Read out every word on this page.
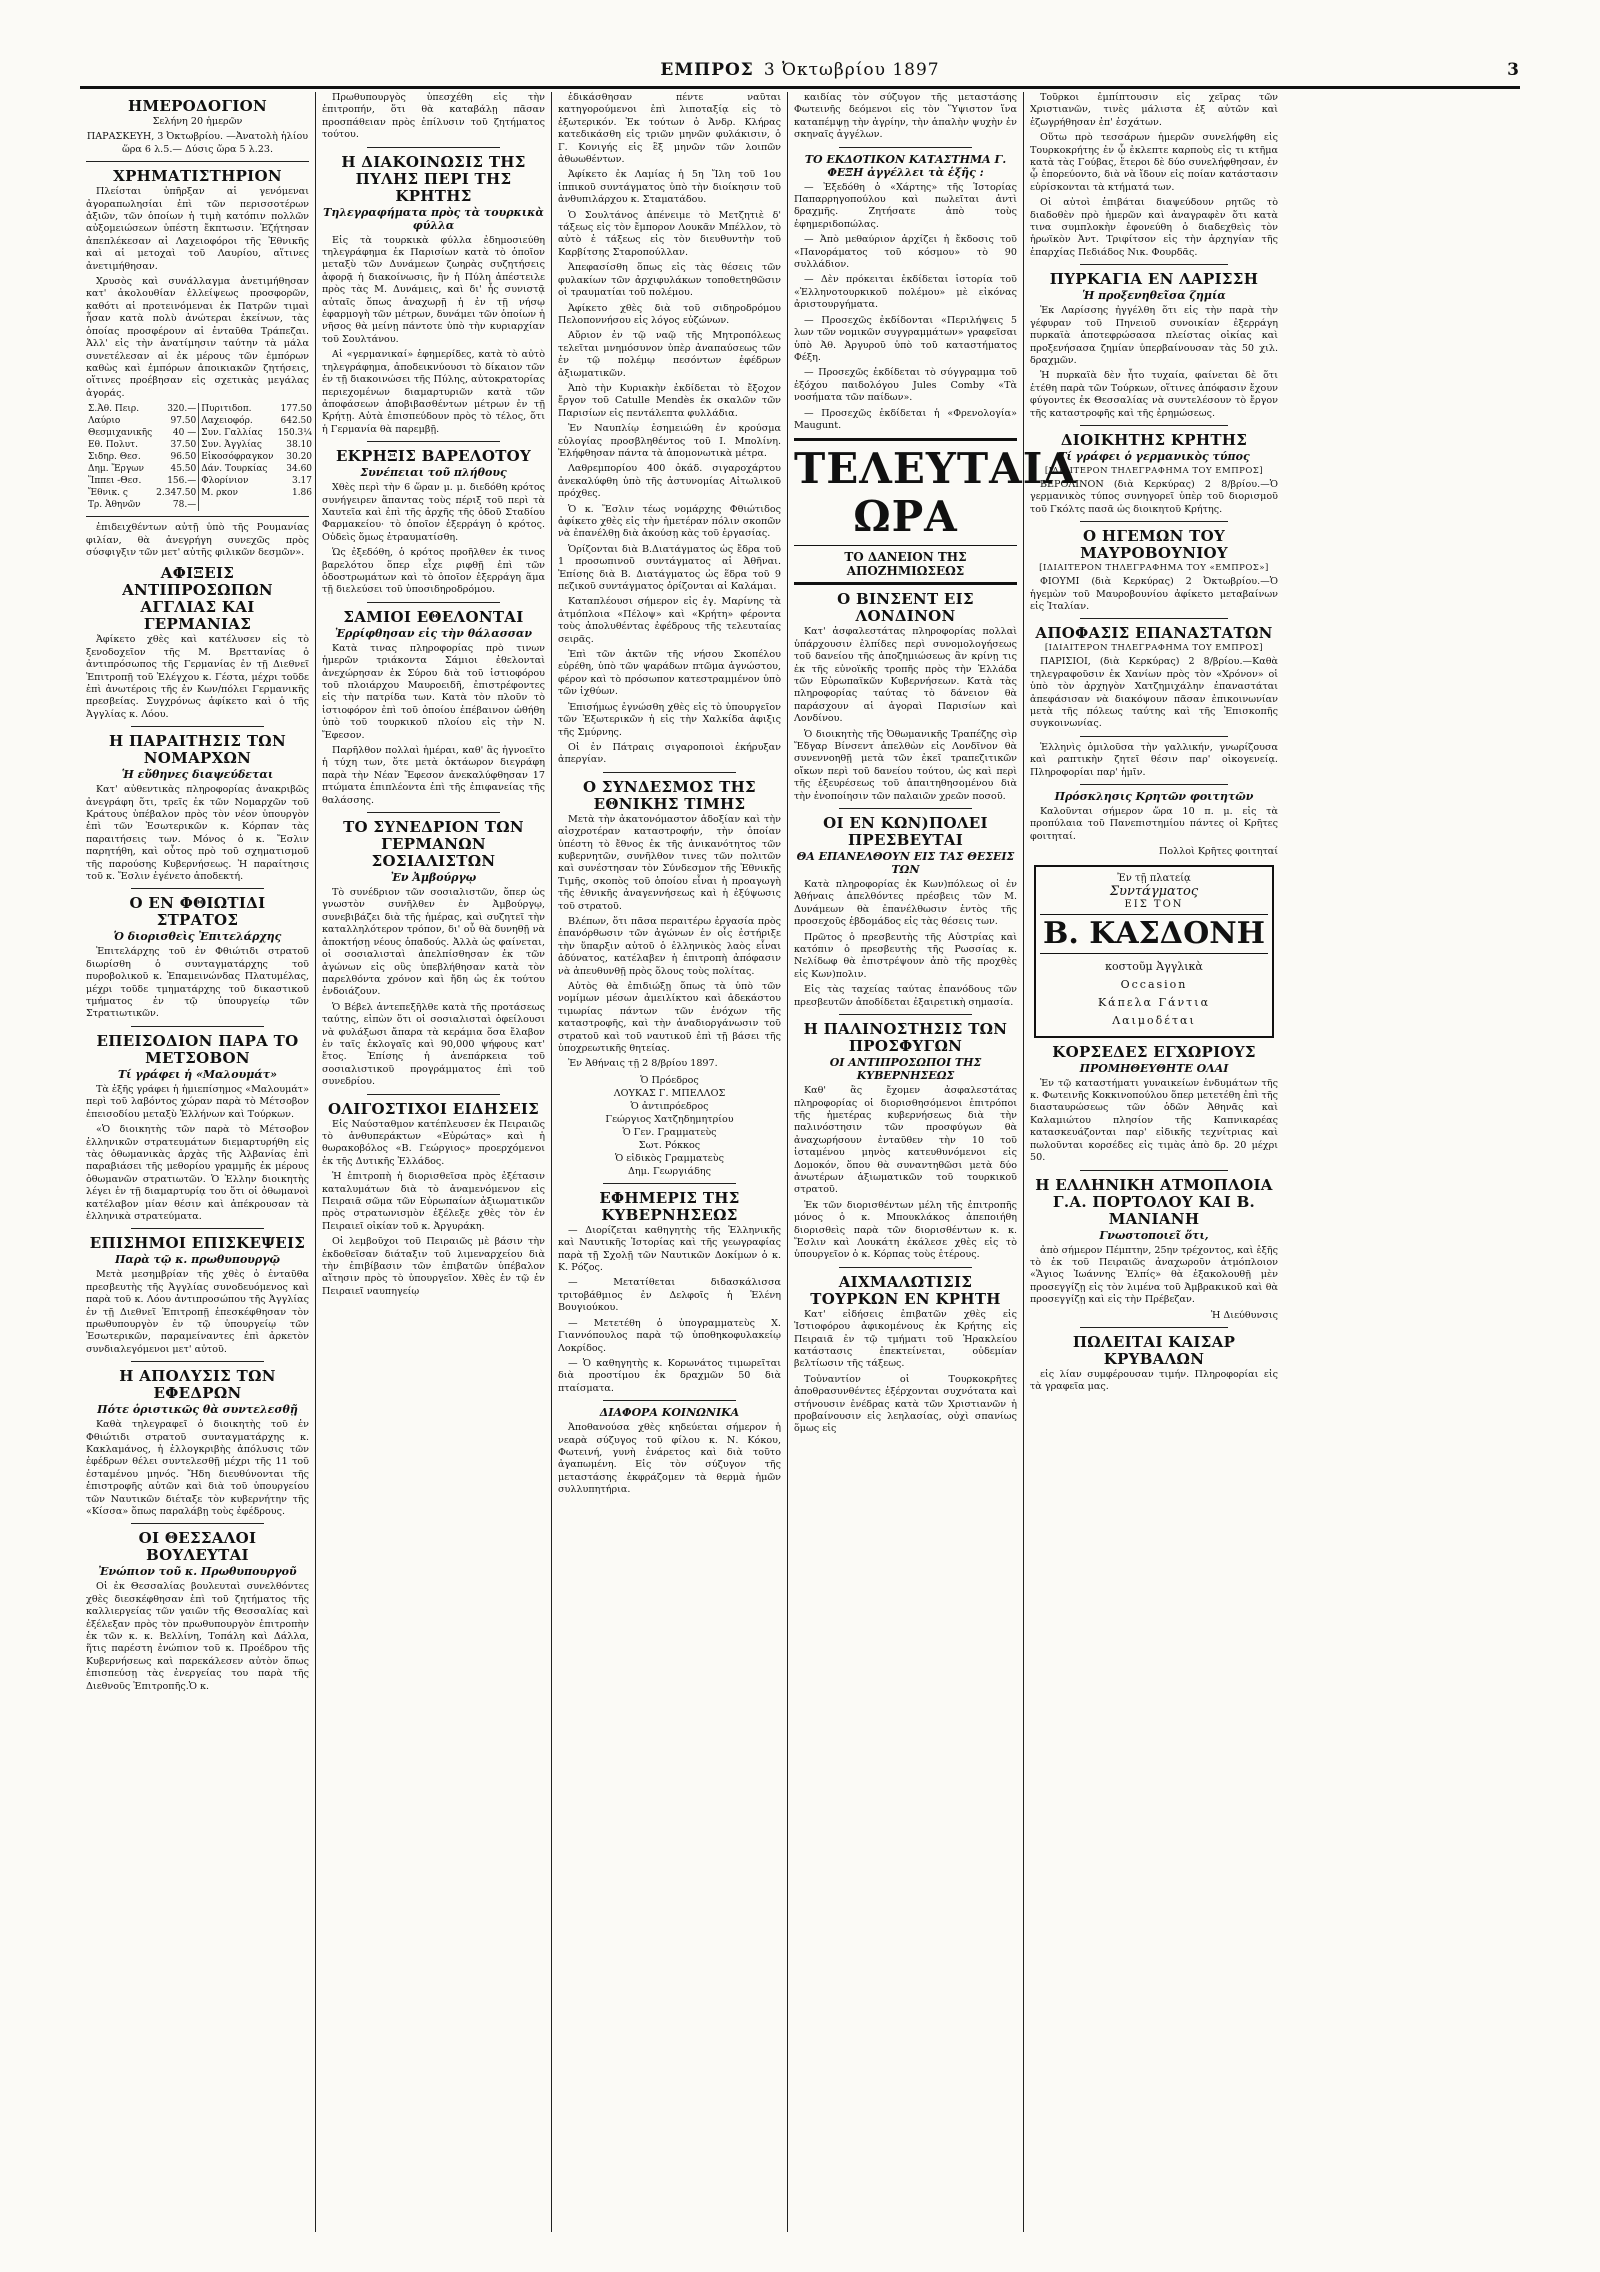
ΕΜΠΡΟΣ 3 Ὀκτωβρίου 1897	3
ΗΜΕΡΟΔΟΓΙΟΝ

Σελήνη 20 ἡμερῶν

ΠΑΡΑΣΚΕΥΗ, 3 Ὀκτωβρίου. —Ἀνατολὴ ἡλίου ὥρα 6 λ.5.— Δύσις ὥρα 5 λ.23.

ΧΡΗΜΑΤΙΣΤΗΡΙΟΝ

Πλείσται ὑπῆρξαν αἱ γενόμεναι ἀγοραπωλησίαι ἐπὶ τῶν περισσοτέρων ἀξιῶν, τῶν ὁποίων ἡ τιμὴ κατόπιν πολλῶν αὐξομειώσεων ὑπέστη ἔκπτωσιν. Ἐζήτησαν ἀπεπλέκεσαν αἱ Λαχειοφόροι τῆς Ἐθνικῆς καὶ αἱ μετοχαὶ τοῦ Λαυρίου, αἵτινες ἀνετιμήθησαν.

Χρυσὸς καὶ συνάλλαγμα ἀνετιμήθησαν κατ' ἀκολουθίαν ἐλλείψεως προσφορῶν, καθότι αἱ προτεινόμεναι ἐκ Πατρῶν τιμαὶ ἦσαν κατὰ πολὺ ἀνώτεραι ἐκείνων, τὰς ὁποίας προσφέρουν αἱ ἐνταῦθα Τράπεζαι. Ἀλλ' εἰς τὴν ἀνατίμησιν ταύτην τὰ μάλα συνετέλεσαν αἱ ἐκ μέρους τῶν ἐμπόρων καθὼς καὶ ἐμπόρων ἀποικιακῶν ζητήσεις, οἵτινες προέβησαν εἰς σχετικὰς μεγάλας ἀγοράς.

Σ.Ἀθ. Πειρ.	320.—	Πυριτιδοπ.	177.50
Λαύριο	97.50	Λαχειοφόρ.	642.50
Θεσμιχανικῆς	40 —	Συν. Γαλλίας	150.3¼
Εθ. Πολυτ.	37.50	Συν. Ἀγγλίας	38.10
Σιδηρ. Θεσ.	96.50	Εἰκοσόφραγκον	30.20
Δημ. Ἔργων	45.50	Δάν. Τουρκίας	34.60
Ἵππει -Θεσ.	156.—	Φλορίνιον	3.17
Ἔθνικ. ς	2.347.50	Μ. ρκον	1.86
Τρ. Ἀθηνῶν	78.—		

ἐπιδειχθέντων αὐτῇ ὑπὸ τῆς Ρουμανίας φιλίαν, θὰ ἀνεγρήγη συνεχῶς πρὸς σύσφιγξιν τῶν μετ' αὐτῆς φιλικῶν δεσμῶν».

ΑΦΙΞΕΙΣ ΑΝΤΙΠΡΟΣΩΠΩΝ ΑΓΓΛΙΑΣ ΚΑΙ ΓΕΡΜΑΝΙΑΣ

Ἀφίκετο χθὲς καὶ κατέλυσεν εἰς τὸ ξενοδοχεῖον τῆς Μ. Βρεττανίας ὁ ἀντιπρόσωπος τῆς Γερμανίας ἐν τῇ Διεθνεῖ Ἐπιτροπῇ τοῦ Ἐλέγχου κ. Γέστα, μέχρι τοῦδε ἐπὶ ἀνωτέροις τῆς ἐν Κων/πόλει Γερμανικῆς πρεσβείας. Συγχρόνως ἀφίκετο καὶ ὁ τῆς Ἀγγλίας κ. Λόου.

Η ΠΑΡΑΙΤΗΣΙΣ ΤΩΝ ΝΟΜΑΡΧΩΝ
Ἡ εὔθηνες διαψεύδεται

Κατ' αὐθεντικὰς πληροφορίας ἀνακριβῶς ἀνεγράφη ὅτι, τρεῖς ἐκ τῶν Νομαρχῶν τοῦ Κράτους ὑπέβαλον πρὸς τὸν νέον ὑπουργὸν ἐπὶ τῶν Ἐσωτερικῶν κ. Κόρπαν τὰς παραιτήσεις των. Μόνος ὁ κ. Ἔσλιν παρητήθη, καὶ οὗτος πρὸ τοῦ σχηματισμοῦ τῆς παρούσης Κυβερνήσεως. Ἡ παραίτησις τοῦ κ. Ἔσλιν ἐγένετο ἀποδεκτή.

Ο ΕΝ ΦΘΙΩΤΙΔΙ ΣΤΡΑΤΟΣ
Ὁ διορισθεὶς Ἐπιτελάρχης

Ἐπιτελάρχης τοῦ ἐν Φθιώτιδι στρατοῦ διωρίσθη ὁ συνταγματάρχης τοῦ πυροβολικοῦ κ. Ἐπαμεινώνδας Πλατυμέλας, μέχρι τοῦδε τμηματάρχης τοῦ δικαστικοῦ τμήματος ἐν τῷ ὑπουργείῳ τῶν Στρατιωτικῶν.

ΕΠΕΙΣΟΔΙΟΝ ΠΑΡΑ ΤΟ ΜΕΤΣΟΒΟΝ
Τί γράφει ἡ «Μαλουμάτ»

Τὰ ἐξῆς γράφει ἡ ἡμιεπίσημος «Μαλουμάτ» περὶ τοῦ λαβόντος χώραν παρὰ τὸ Μέτσοβον ἐπεισοδίου μεταξὺ Ἑλλήνων καὶ Τούρκων.

«Ὁ διοικητὴς τῶν παρὰ τὸ Μέτσοβον ἑλληνικῶν στρατευμάτων διεμαρτυρήθη εἰς τὰς ὀθωμανικὰς ἀρχὰς τῆς Ἀλβανίας ἐπὶ παραβιάσει τῆς μεθορίου γραμμῆς ἐκ μέρους ὀθωμανῶν στρατιωτῶν. Ὁ Ἑλλην διοικητὴς λέγει ἐν τῇ διαμαρτυρίᾳ του ὅτι οἱ ὀθωμανοὶ κατέλαβον μίαν θέσιν καὶ ἀπέκρουσαν τὰ ἑλληνικὰ στρατεύματα.

ΕΠΙΣΗΜΟΙ ΕΠΙΣΚΕΨΕΙΣ
Παρὰ τῷ κ. πρωθυπουργῷ

Μετὰ μεσημβρίαν τῆς χθὲς ὁ ἐνταῦθα πρεσβευτὴς τῆς Ἀγγλίας συνοδευόμενος καὶ παρὰ τοῦ κ. Λόου ἀντιπροσώπου τῆς Ἀγγλίας ἐν τῇ Διεθνεῖ Ἐπιτροπῇ ἐπεσκέφθησαν τὸν πρωθυπουργὸν ἐν τῷ ὑπουργείῳ τῶν Ἐσωτερικῶν, παραμείναντες ἐπὶ ἀρκετὸν συνδιαλεγόμενοι μετ' αὐτοῦ.

Η ΑΠΟΛΥΣΙΣ ΤΩΝ ΕΦΕΔΡΩΝ
Πότε ὁριστικῶς θὰ συντελεσθῇ

Καθὰ τηλεγραφεῖ ὁ διοικητὴς τοῦ ἐν Φθιώτιδι στρατοῦ συνταγματάρχης κ. Κακλαμάνος, ἡ ἐλλογκριβὴς ἀπόλυσις τῶν ἐφέδρων θέλει συντελεσθῇ μέχρι τῆς 11 τοῦ ἐσταμένου μηνός. Ἤδη διευθύνονται τῆς ἐπιστροφῆς αὐτῶν καὶ διὰ τοῦ ὑπουργείου τῶν Ναυτικῶν διέταξε τὸν κυβερνήτην τῆς «Κίσσα» ὅπως παραλάβῃ τοὺς ἐφέδρους.

ΟΙ ΘΕΣΣΑΛΟΙ ΒΟΥΛΕΥΤΑΙ
Ἐνώπιον τοῦ κ. Πρωθυπουργοῦ

Οἱ ἐκ Θεσσαλίας βουλευταὶ συνελθόντες χθὲς διεσκέφθησαν ἐπὶ τοῦ ζητήματος τῆς καλλιεργείας τῶν γαιῶν τῆς Θεσσαλίας καὶ ἐξέλεξαν πρὸς τὸν πρωθυπουργὸν ἐπιτροπὴν ἐκ τῶν κ. κ. Βελλίνη, Τοπάλη καὶ Δάλλα, ἥτις παρέστη ἐνώπιον τοῦ κ. Προέδρου τῆς Κυβερνήσεως καὶ παρεκάλεσεν αὐτὸν ὅπως ἐπισπεύσῃ τὰς ἐνεργείας του παρὰ τῆς Διεθνοῦς Ἐπιτροπῆς.Ὁ κ.

Πρωθυπουργὸς ὑπεσχέθη εἰς τὴν ἐπιτροπήν, ὅτι θὰ καταβάλῃ πᾶσαν προσπάθειαν πρὸς ἐπίλυσιν τοῦ ζητήματος τούτου.

Η ΔΙΑΚΟΙΝΩΣΙΣ ΤΗΣ ΠΥΛΗΣ ΠΕΡΙ ΤΗΣ ΚΡΗΤΗΣ
Τηλεγραφήματα πρὸς τὰ τουρκικὰ φύλλα

Εἰς τὰ τουρκικὰ φύλλα ἐδημοσιεύθη τηλεγράφημα ἐκ Παρισίων κατὰ τὸ ὁποῖον μεταξὺ τῶν Δυνάμεων ζωηρὰς συζητήσεις ἀφορᾷ ἡ διακοίνωσις, ἣν ἡ Πύλη ἀπέστειλε πρὸς τὰς Μ. Δυνάμεις, καὶ δι' ἧς συνιστᾷ αὐταῖς ὅπως ἀναχωρῇ ἡ ἐν τῇ νήσῳ ἐφαρμογὴ τῶν μέτρων, δυνάμει τῶν ὁποίων ἡ νῆσος θὰ μείνῃ πάντοτε ὑπὸ τὴν κυριαρχίαν τοῦ Σουλτάνου.

Αἱ «γερμανικαί» ἐφημερίδες, κατὰ τὸ αὐτὸ τηλεγράφημα, ἀποδεικνύουσι τὸ δίκαιον τῶν ἐν τῇ διακοινώσει τῆς Πύλης, αὐτοκρατορίας περιεχομένων διαμαρτυριῶν κατὰ τῶν ἀποφάσεων ἀποβιβασθέντων μέτρων ἐν τῇ Κρήτῃ. Αὐτὰ ἐπισπεύδουν πρὸς τὸ τέλος, ὅτι ἡ Γερμανία θὰ παρεμβῇ.

ΕΚΡΗΞΙΣ ΒΑΡΕΛΟΤΟΥ
Συνέπειαι τοῦ πλήθους

Χθὲς περὶ τὴν 6 ὥραν μ. μ. διεδόθη κρότος συνήγειρεν ἅπαντας τοὺς πέριξ τοῦ περὶ τὰ Χαυτεῖα καὶ ἐπὶ τῆς ἀρχῆς τῆς ὁδοῦ Σταδίου Φαρμακείου· τὸ ὁποῖον ἐξερράγη ὁ κρότος. Οὐδεὶς ὅμως ἐτραυματίσθη.

Ὡς ἐξεδόθη, ὁ κρότος προῆλθεν ἐκ τινος βαρελότου ὅπερ εἶχε ριφθῇ ἐπὶ τῶν ὀδοστρωμάτων καὶ τὸ ὁποῖον ἐξερράγη ἅμα τῇ διελεύσει τοῦ ὑποσιδηροδρόμου.

ΣΑΜΙΟΙ ΕΘΕΛΟΝΤΑΙ
Ἐρρίφθησαν εἰς τὴν θάλασσαν

Κατὰ τινας πληροφορίας πρὸ τινων ἡμερῶν τριάκοντα Σάμιοι ἐθελονταὶ ἀνεχώρησαν ἐκ Σύρου διὰ τοῦ ἱστιοφόρου τοῦ πλοιάρχου Μαυροειδῆ, ἐπιστρέφοντες εἰς τὴν πατρίδα των. Κατὰ τὸν πλοῦν τὸ ἱστιοφόρον ἐπὶ τοῦ ὁποίου ἐπέβαινον ὠθήθη ὑπὸ τοῦ τουρκικοῦ πλοίου εἰς τὴν Ν. Ἔφεσον.

Παρῆλθον πολλαὶ ἡμέραι, καθ' ἃς ἠγνοεῖτο ἡ τύχη των, ὅτε μετὰ ὀκτάωρον διεγράφη παρὰ τὴν Νέαν Ἔφεσον ἀνεκαλύφθησαν 17 πτώματα ἐπιπλέοντα ἐπὶ τῆς ἐπιφανείας τῆς θαλάσσης.

ΤΟ ΣΥΝΕΔΡΙΟΝ ΤΩΝ ΓΕΡΜΑΝΩΝ ΣΟΣΙΑΛΙΣΤΩΝ
Ἐν Ἀμβούργῳ

Τὸ συνέδριον τῶν σοσιαλιστῶν, ὅπερ ὡς γνωστὸν συνῆλθεν ἐν Ἀμβούργῳ, συνεβιβάζει διὰ τῆς ἡμέρας, καὶ συζητεῖ τὴν καταλληλότερον τρόπον, δι' οὗ θὰ δυνηθῇ νὰ ἀποκτήσῃ νέους ὀπαδούς. Ἀλλὰ ὡς φαίνεται, οἱ σοσιαλισταὶ ἀπελπίσθησαν ἐκ τῶν ἀγώνων εἰς οὓς ὑπεβλήθησαν κατὰ τὸν παρελθόντα χρόνον καὶ ἤδη ὡς ἐκ τούτου ἐνδοιάζουν.

Ὁ Βέβελ ἀντεπεξῆλθε κατὰ τῆς προτάσεως ταύτης, εἰπὼν ὅτι οἱ σοσιαλισταὶ ὀφείλουσι νὰ φυλάξωσι ἄπαρα τὰ κεράμια ὅσα ἔλαβον ἐν ταῖς ἐκλογαῖς καὶ 90,000 ψήφους κατ' ἔτος. Ἐπίσης ἡ ἀνεπάρκεια τοῦ σοσιαλιστικοῦ προγράμματος ἐπὶ τοῦ συνεδρίου.

ΟΛΙΓΟΣΤΙΧΟΙ ΕΙΔΗΣΕΙΣ

Εἰς Ναύσταθμον κατέπλευσεν ἐκ Πειραιῶς τὸ ἀνθυπεράκτων «Εὐρώτας» καὶ ἡ θωρακοβόλος «Β. Γεώργιος» προερχόμενοι ἐκ τῆς Δυτικῆς Ἑλλάδος.

Ἡ ἐπιτροπὴ ἡ διορισθεῖσα πρὸς ἐξέτασιν καταλυμάτων διὰ τὸ ἀναμενόμενον εἰς Πειραιᾶ σῶμα τῶν Εὐρωπαίων ἀξιωματικῶν πρὸς στρατωνισμὸν ἐξέλεξε χθὲς τὸν ἐν Πειραιεῖ οἰκίαν τοῦ κ. Ἀργυράκη.

Οἱ λεμβοῦχοι τοῦ Πειραιῶς μὲ βάσιν τὴν ἐκδοθεῖσαν διάταξιν τοῦ λιμεναρχείου διὰ τὴν ἐπιβίβασιν τῶν ἐπιβατῶν ὑπέβαλον αἴτησιν πρὸς τὸ ὑπουργεῖον. Χθὲς ἐν τῷ ἐν Πειραιεῖ ναυπηγείῳ

ἐδικάσθησαν πέντε ναῦται κατηγορούμενοι ἐπὶ λιποταξίᾳ εἰς τὸ ἐξωτερικόν. Ἐκ τούτων ὁ Ἀνδρ. Κλήρας κατεδικάσθη εἰς τριῶν μηνῶν φυλάκισιν, ὁ Γ. Κονιγής εἰς ἓξ μηνῶν τῶν λοιπῶν ἀθωωθέντων.

Ἀφίκετο ἐκ Λαμίας ἡ 5η Ἴλη τοῦ 1ου ἱππικοῦ συντάγματος ὑπὸ τὴν διοίκησιν τοῦ ἀνθυπιλάρχου κ. Σταματάδου.

Ὁ Σουλτάνος ἀπένειμε τὸ Μετζητιὲ δ' τάξεως εἰς τὸν ἔμπορον Λουκᾶν Μπέλλον, τὸ αὐτὸ ἐ τάξεως εἰς τὸν διευθυντὴν τοῦ Καρβίτσης Σταροπούλλαν.

Ἀπεφασίσθη ὅπως εἰς τὰς θέσεις τῶν φυλακίων τῶν ἀρχιφυλάκων τοποθετηθῶσιν οἱ τραυματίαι τοῦ πολέμου.

Ἀφίκετο χθὲς διὰ τοῦ σιδηροδρόμου Πελοποννήσου εἰς λόγος εὐζώνων.

Αὔριον ἐν τῷ ναῷ τῆς Μητροπόλεως τελεῖται μνημόσυνον ὑπὲρ ἀναπαύσεως τῶν ἐν τῷ πολέμῳ πεσόντων ἐφέδρων ἀξιωματικῶν.

Ἀπὸ τὴν Κυριακὴν ἐκδίδεται τὸ ἔξοχον ἔργον τοῦ Catulle Mendès ἐκ σκαλῶν τῶν Παρισίων εἰς πεντάλεπτα φυλλάδια.

Ἐν Ναυπλίῳ ἐσημειώθη ἐν κρούσμα εὐλογίας προσβληθέντος τοῦ Ι. Μπολίνη. Ἐλήφθησαν πάντα τὰ ἀπομονωτικὰ μέτρα.

Λαθρεμπορίου 400 ὀκάδ. σιγαροχάρτου ἀνεκαλύφθη ὑπὸ τῆς ἀστυνομίας Αἰτωλικοῦ πρόχθες.

Ὁ κ. Ἔσλιν τέως νομάρχης Φθιώτιδος ἀφίκετο χθὲς εἰς τὴν ἡμετέραν πόλιν σκοπῶν νὰ ἐπανέλθῃ διὰ ἀκούσῃ κὰς τοῦ ἐργασίας.

Ὁρίζονται διὰ Β.Διατάγματος ὡς ἔδρα τοῦ 1 προσωπινοῦ συντάγματος αἱ Ἀθῆναι. Ἐπίσης διὰ Β. Διατάγματος ὡς ἕδρα τοῦ 9 πεζικοῦ συντάγματος ὁρίζονται αἱ Καλάμαι.

Καταπλέουσι σήμερον εἰς ἐγ. Μαρίνης τὰ ἀτμόπλοια «Πέλοψ» καὶ «Κρήτη» φέροντα τοὺς ἀπολυθέντας ἐφέδρους τῆς τελευταίας σειρᾶς.

Ἐπὶ τῶν ἀκτῶν τῆς νήσου Σκοπέλου εὑρέθη, ὑπὸ τῶν ψαράδων πτῶμα ἀγνώστου, φέρον καὶ τὸ πρόσωπον κατεστραμμένον ὑπὸ τῶν ἰχθύων.

Ἐπισήμως ἐγνώσθη χθὲς εἰς τὸ ὑπουργεῖον τῶν Ἐξωτερικῶν ἡ εἰς τὴν Χαλκίδα ἀφιξις τῆς Σμύρνης.

Οἱ ἐν Πάτραις σιγαροποιοὶ ἐκήρυξαν ἀπεργίαν.

Ο ΣΥΝΔΕΣΜΟΣ ΤΗΣ ΕΘΝΙΚΗΣ ΤΙΜΗΣ

Μετὰ τὴν ἀκατονόμαστον ἀδοξίαν καὶ τὴν αἰσχροτέραν καταστροφήν, τὴν ὁποίαν ὑπέστη τὸ ἔθνος ἐκ τῆς ἀνικανότητος τῶν κυβερνητῶν, συνῆλθον τινες τῶν πολιτῶν καὶ συνέστησαν τὸν Σύνδεσμον τῆς Ἐθνικῆς Τιμῆς, σκοπὸς τοῦ ὁποίου εἶναι ἡ προαγωγὴ τῆς ἐθνικῆς ἀναγεννήσεως καὶ ἡ ἐξύψωσις τοῦ στρατοῦ.

Βλέπων, ὅτι πᾶσα περαιτέρω ἐργασία πρὸς ἐπανόρθωσιν τῶν ἀγώνων ἐν οἷς ἐστήριξε τὴν ὕπαρξιν αὐτοῦ ὁ ἑλληνικὸς λαὸς εἶναι ἀδύνατος, κατέλαβεν ἡ ἐπιτροπὴ ἀπόφασιν νὰ ἀπευθυνθῇ πρὸς ὅλους τοὺς πολίτας.

Αὐτὸς θὰ ἐπιδιώξῃ ὅπως τὰ ὑπὸ τῶν νομίμων μέσων ἀμειλίκτου καὶ ἀδεκάστου τιμωρίας πάντων τῶν ἐνόχων τῆς καταστροφῆς, καὶ τὴν ἀναδιοργάνωσιν τοῦ στρατοῦ καὶ τοῦ ναυτικοῦ ἐπὶ τῇ βάσει τῆς ὑποχρεωτικῆς θητείας.

Ἐν Ἀθήναις τῇ 2 8/βρίου 1897.

Ὁ Πρόεδρος
ΛΟΥΚΑΣ Γ. ΜΠΕΛΛΟΣ
Ὁ ἀντιπρόεδρος
Γεώργιος Χατζηδημητρίου
Ὁ Γεν. Γραμματεὺς
Σωτ. Ρόκκος
Ὁ εἰδικὸς Γραμματεὺς
Δημ. Γεωργιάδης
ΕΦΗΜΕΡΙΣ ΤΗΣ ΚΥΒΕΡΝΗΣΕΩΣ

— Διορίζεται καθηγητὴς τῆς Ἑλληνικῆς καὶ Ναυτικῆς Ἱστορίας καὶ τῆς γεωγραφίας παρὰ τῇ Σχολῇ τῶν Ναυτικῶν Δοκίμων ὁ κ. Κ. Ρόζος.

— Μετατίθεται διδασκάλισσα τριτοβάθμιος ἐν Δελφοῖς ἡ Ἑλένη Βουγιούκου.

— Μετετέθη ὁ ὑπογραμματεὺς Χ. Γιαννόπουλος παρὰ τῷ ὑποθηκοφυλακείῳ Λοκρίδος.

— Ὁ καθηγητὴς κ. Κορωνάτος τιμωρεῖται διὰ προστίμου ἐκ δραχμῶν 50 διὰ πταίσματα.

ΔΙΑΦΟΡΑ ΚΟΙΝΩΝΙΚΑ

Ἀποθανούσα χθὲς κηδεύεται σήμερον ἡ νεαρὰ σύζυγος τοῦ φίλου κ. Ν. Κόκου, Φωτεινή, γυνὴ ἐνάρετος καὶ διὰ τοῦτο ἀγαπωμένη. Εἰς τὸν σύζυγον τῆς μεταστάσης ἐκφράζομεν τὰ θερμὰ ἡμῶν συλλυπητήρια.

καιδίας τὸν σύζυγον τῆς μεταστάσης Φωτεινῆς δεόμενοι εἰς τὸν Ὕψιστον ἵνα καταπέμψῃ τὴν ἀγρίην, τὴν ἁπαλὴν ψυχὴν ἐν σκηναῖς ἀγγέλων.

ΤΟ ΕΚΔΟΤΙΚΟΝ ΚΑΤΑΣΤΗΜΑ Γ. ΦΕΞΗ ἀγγέλλει τὰ ἑξῆς :

— Ἐξεδόθη ὁ «Χάρτης» τῆς Ἱστορίας Παπαρρηγοπούλου καὶ πωλεῖται ἀντὶ δραχμῆς. Ζητήσατε ἀπὸ τοὺς ἐφημεριδοπώλας.

— Ἀπὸ μεθαύριον ἀρχίζει ἡ ἔκδοσις τοῦ «Πανοράματος τοῦ κόσμου» τὸ 90 συλλάδιον.

— Δὲν πρόκειται ἐκδίδεται ἱστορία τοῦ «Ἑλληνοτουρκικοῦ πολέμου» μὲ εἰκόνας ἀριστουργήματα.

— Προσεχῶς ἐκδίδονται «Περιλήψεις 5 λων τῶν νομικῶν συγγραμμάτων» γραφεῖσαι ὑπὸ Ἀθ. Ἀργυροῦ ὑπὸ τοῦ καταστήματος Φέξη.

— Προσεχῶς ἐκδίδεται τὸ σύγγραμμα τοῦ ἐξόχου παιδολόγου Jules Comby «Τὰ νοσήματα τῶν παίδων».

— Προσεχῶς ἐκδίδεται ἡ «Φρενολογία» Maugunt.

ΤΕΛΕΥΤΑΙΑ ΩΡΑ
ΤΟ ΔΑΝΕΙΟΝ ΤΗΣ ΑΠΟΖΗΜΙΩΣΕΩΣ
Ο ΒΙΝΣΕΝΤ ΕΙΣ ΛΟΝΔΙΝΟΝ

Κατ' ἀσφαλεστάτας πληροφορίας πολλαὶ ὑπάρχουσιν ἐλπίδες περὶ συνομολογήσεως τοῦ δανείου τῆς ἀποζημιώσεως ἂν κρίνῃ τις ἐκ τῆς εὐνοϊκῆς τροπῆς πρὸς τὴν Ἑλλάδα τῶν Εὐρωπαϊκῶν Κυβερνήσεων. Κατὰ τὰς πληροφορίας ταύτας τὸ δάνειον θὰ παράσχουν αἱ ἀγοραὶ Παρισίων καὶ Λονδίνου.

Ὁ διοικητὴς τῆς Ὀθωμανικῆς Τραπέζης σὶρ Ἔδγαρ Βίνσεντ ἀπελθὼν εἰς Λονδῖνον θὰ συνεννοηθῇ μετὰ τῶν ἐκεῖ τραπεζιτικῶν οἴκων περὶ τοῦ δανείου τούτου, ὡς καὶ περὶ τῆς ἐξευρέσεως τοῦ ἀπαιτηθησομένου διὰ τὴν ἐνοποίησιν τῶν παλαιῶν χρεῶν ποσοῦ.

ΟΙ ΕΝ ΚΩΝ)ΠΟΛΕΙ ΠΡΕΣΒΕΥΤΑΙ
ΘΑ ΕΠΑΝΕΛΘΟΥΝ ΕΙΣ ΤΑΣ ΘΕΣΕΙΣ ΤΩΝ

Κατὰ πληροφορίας ἐκ Κων)πόλεως οἱ ἐν Ἀθήναις ἀπελθόντες πρέσβεις τῶν Μ. Δυνάμεων θὰ ἐπανέλθωσιν ἐντὸς τῆς προσεχοῦς ἑβδομάδος εἰς τὰς θέσεις των.

Πρῶτος ὁ πρεσβευτὴς τῆς Αὐστρίας καὶ κατόπιν ὁ πρεσβευτὴς τῆς Ρωσσίας κ. Νελίδωφ θὰ ἐπιστρέψουν ἀπὸ τῆς προχθὲς εἰς Κων)πολιν.

Εἰς τὰς ταχείας ταύτας ἐπανόδους τῶν πρεσβευτῶν ἀποδίδεται ἐξαιρετικὴ σημασία.

Η ΠΑΛΙΝΟΣΤΗΣΙΣ ΤΩΝ ΠΡΟΣΦΥΓΩΝ
ΟΙ ΑΝΤΙΠΡΟΣΩΠΟΙ ΤΗΣ ΚΥΒΕΡΝΗΣΕΩΣ

Καθ' ἃς ἔχομεν ἀσφαλεστάτας πληροφορίας οἱ διορισθησόμενοι ἐπιτρόποι τῆς ἡμετέρας κυβερνήσεως διὰ τὴν παλινόστησιν τῶν προσφύγων θὰ ἀναχωρήσουν ἐνταῦθεν τὴν 10 τοῦ ἱσταμένου μηνὸς κατευθυνόμενοι εἰς Δομοκόν, ὅπου θὰ συναντηθῶσι μετὰ δύο ἀνωτέρων ἀξιωματικῶν τοῦ τουρκικοῦ στρατοῦ.

Ἐκ τῶν διορισθέντων μέλη τῆς ἐπιτροπῆς μόνος ὁ κ. Μπουκλάκος ἀπεποιήθη διορισθεὶς παρὰ τῶν διορισθέντων κ. κ. Ἔσλιν καὶ Λουκάτη ἐκάλεσε χθὲς εἰς τὸ ὑπουργεῖον ὁ κ. Κόρπας τοὺς ἑτέρους.

ΑΙΧΜΑΛΩΤΙΣΙΣ ΤΟΥΡΚΩΝ ΕΝ ΚΡΗΤΗ

Κατ' εἰδήσεις ἐπιβατῶν χθὲς εἰς Ἰστιοφόρου ἀφικομένους ἐκ Κρήτης εἰς Πειραιᾶ ἐν τῷ τμήματι τοῦ Ἡρακλείου κατάστασις ἐπεκτείνεται, οὐδεμίαν βελτίωσιν τῆς τάξεως.

Τοὐναντίον οἱ Τουρκοκρῆτες ἀποθρασυνθέντες ἐξέρχονται συχνότατα καὶ στήνουσιν ἐνέδρας κατὰ τῶν Χριστιανῶν ἡ προβαίνουσιν εἰς λεηλασίας, οὐχὶ σπανίως ὅμως εἰς

Τοῦρκοι ἐμπίπτουσιν εἰς χεῖρας τῶν Χριστιανῶν, τινὲς μάλιστα ἐξ αὐτῶν καὶ ἐζωγρήθησαν ἐπ' ἐσχάτων.

Οὕτω πρὸ τεσσάρων ἡμερῶν συνελήφθη εἰς Τουρκοκρήτης ἐν ᾧ ἐκλεπτε καρποὺς εἰς τι κτῆμα κατὰ τὰς Γούβας, ἕτεροι δὲ δύο συνελήφθησαν, ἐν ᾧ ἐπορεύοντο, διὰ νὰ ἴδουν εἰς ποίαν κατάστασιν εὑρίσκονται τὰ κτήματά των.

Οἱ αὐτοὶ ἐπιβάται διαψεύδουν ρητῶς τὸ διαδοθὲν πρὸ ἡμερῶν καὶ ἀναγραφὲν ὅτι κατὰ τινα συμπλοκὴν ἐφονεύθη ὁ διαδεχθεὶς τὸν ἡρωϊκὸν Ἀντ. Τριφίτσον εἰς τὴν ἀρχηγίαν τῆς ἐπαρχίας Πεδιάδος Νικ. Φουρδᾶς.

ΠΥΡΚΑΓΙΑ ΕΝ ΛΑΡΙΣΣΗ
Ἡ προξενηθεῖσα ζημία

Ἐκ Λαρίσσης ἠγγέλθη ὅτι εἰς τὴν παρὰ τὴν γέφυραν τοῦ Πηνειοῦ συνοικίαν ἐξερράγη πυρκαϊὰ ἀποτεφρώσασα πλείστας οἰκίας καὶ προξενήσασα ζημίαν ὑπερβαίνουσαν τὰς 50 χιλ. δραχμῶν.

Ἡ πυρκαϊὰ δὲν ἦτο τυχαία, φαίνεται δὲ ὅτι ἐτέθη παρὰ τῶν Τούρκων, οἵτινες ἀπόφασιν ἔχουν φύγοντες ἐκ Θεσσαλίας νὰ συντελέσουν τὸ ἔργον τῆς καταστροφῆς καὶ τῆς ἐρημώσεως.

ΔΙΟΙΚΗΤΗΣ ΚΡΗΤΗΣ
Τί γράφει ὁ γερμανικὸς τύπος
[ΙΔΙΑΙΤΕΡΟΝ ΤΗΛΕΓΡΑΦΗΜΑ ΤΟΥ ΕΜΠΡΟΣ]

ΒΕΡΟΛΙΝΟΝ (διὰ Κερκύρας) 2 8/βρίου.—Ὁ γερμανικὸς τύπος συνηγορεῖ ὑπὲρ τοῦ διορισμοῦ τοῦ Γκόλτς πασᾶ ὡς διοικητοῦ Κρήτης.

Ο ΗΓΕΜΩΝ ΤΟΥ ΜΑΥΡΟΒΟΥΝΙΟΥ
[ΙΔΙΑΙΤΕΡΟΝ ΤΗΛΕΓΡΑΦΗΜΑ ΤΟΥ «ΕΜΠΡΟΣ»]

ΦΙΟΥΜΙ (διὰ Κερκύρας) 2 Ὀκτωβρίου.—Ὁ ἡγεμὼν τοῦ Μαυροβουνίου ἀφίκετο μεταβαίνων εἰς Ἰταλίαν.

ΑΠΟΦΑΣΙΣ ΕΠΑΝΑΣΤΑΤΩΝ
[ΙΔΙΑΙΤΕΡΟΝ ΤΗΛΕΓΡΑΦΗΜΑ ΤΟΥ ΕΜΠΡΟΣ]

ΠΑΡΙΣΙΟΙ, (διὰ Κερκύρας) 2 8/βρίου.—Καθὰ τηλεγραφοῦσιν ἐκ Χανίων πρὸς τὸν «Χρόνον» οἱ ὑπὸ τὸν ἀρχηγὸν Χατζημιχάλην ἐπαναστάται ἀπεφάσισαν νὰ διακόψουν πᾶσαν ἐπικοινωνίαν μετὰ τῆς πόλεως ταύτης καὶ τῆς Ἐπισκοπῆς συγκοινωνίας.

Ἑλληνὶς ὁμιλοῦσα τὴν γαλλικήν, γνωρίζουσα καὶ ραπτικὴν ζητεῖ θέσιν παρ' οἰκογενείᾳ. Πληροφορίαι παρ' ἡμῖν.

Πρόσκλησις Κρητῶν φοιτητῶν

Καλοῦνται σήμερον ὥρα 10 π. μ. εἰς τὰ προπύλαια τοῦ Πανεπιστημίου πάντες οἱ Κρῆτες φοιτηταί.

Πολλοὶ Κρῆτες φοιτηταί

Ἐν τῇ πλατείᾳ
Συντάγματος
ΕΙΣ ΤΟΝ
Β. ΚΑΣΔΟΝΗ
κοστοῦμ Ἀγγλικὰ
Occasion
Κάπελα Γάντια
Λαιμοδέται
ΚΟΡΣΕΔΕΣ ΕΓΧΩΡΙΟΥΣ
ΠΡΟΜΗΘΕΥΘΗΤΕ ΟΛΑΙ

Ἐν τῷ καταστήματι γυναικείων ἐνδυμάτων τῆς κ. Φωτεινῆς Κοκκινοπούλου ὅπερ μετετέθη ἐπὶ τῆς διασταυρώσεως τῶν ὁδῶν Ἀθηνᾶς καὶ Καλαμιώτου πλησίον τῆς Καπνικαρέας κατασκευάζονται παρ' εἰδικῆς τεχνίτριας καὶ πωλοῦνται κορσέδες εἰς τιμὰς ἀπὸ δρ. 20 μέχρι 50.

Η ΕΛΛΗΝΙΚΗ ΑΤΜΟΠΛΟΙΑ Γ.Α. ΠΟΡΤΟΛΟΥ ΚΑΙ Β. ΜΑΝΙΑΝΗ
Γνωστοποιεῖ ὅτι,

ἀπὸ σήμερον Πέμπτην, 25ην τρέχοντος, καὶ ἑξῆς τὸ ἐκ τοῦ Πειραιῶς ἀναχωροῦν ἀτμόπλοιον «Ἅγιος Ἰωάννης Ἐλπίς» θὰ ἐξακολουθῇ μὲν προσεγγίζῃ εἰς τὸν λιμένα τοῦ Ἀμβρακικοῦ καὶ θὰ προσεγγίζῃ καὶ εἰς τὴν Πρέβεζαν.

Ἡ Διεύθυνσις

ΠΩΛΕΙΤΑΙ ΚΑΙΣΑΡ ΚΡΥΒΑΛΩΝ

εἰς λίαν συμφέρουσαν τιμήν. Πληροφορίαι εἰς τὰ γραφεῖα μας.
